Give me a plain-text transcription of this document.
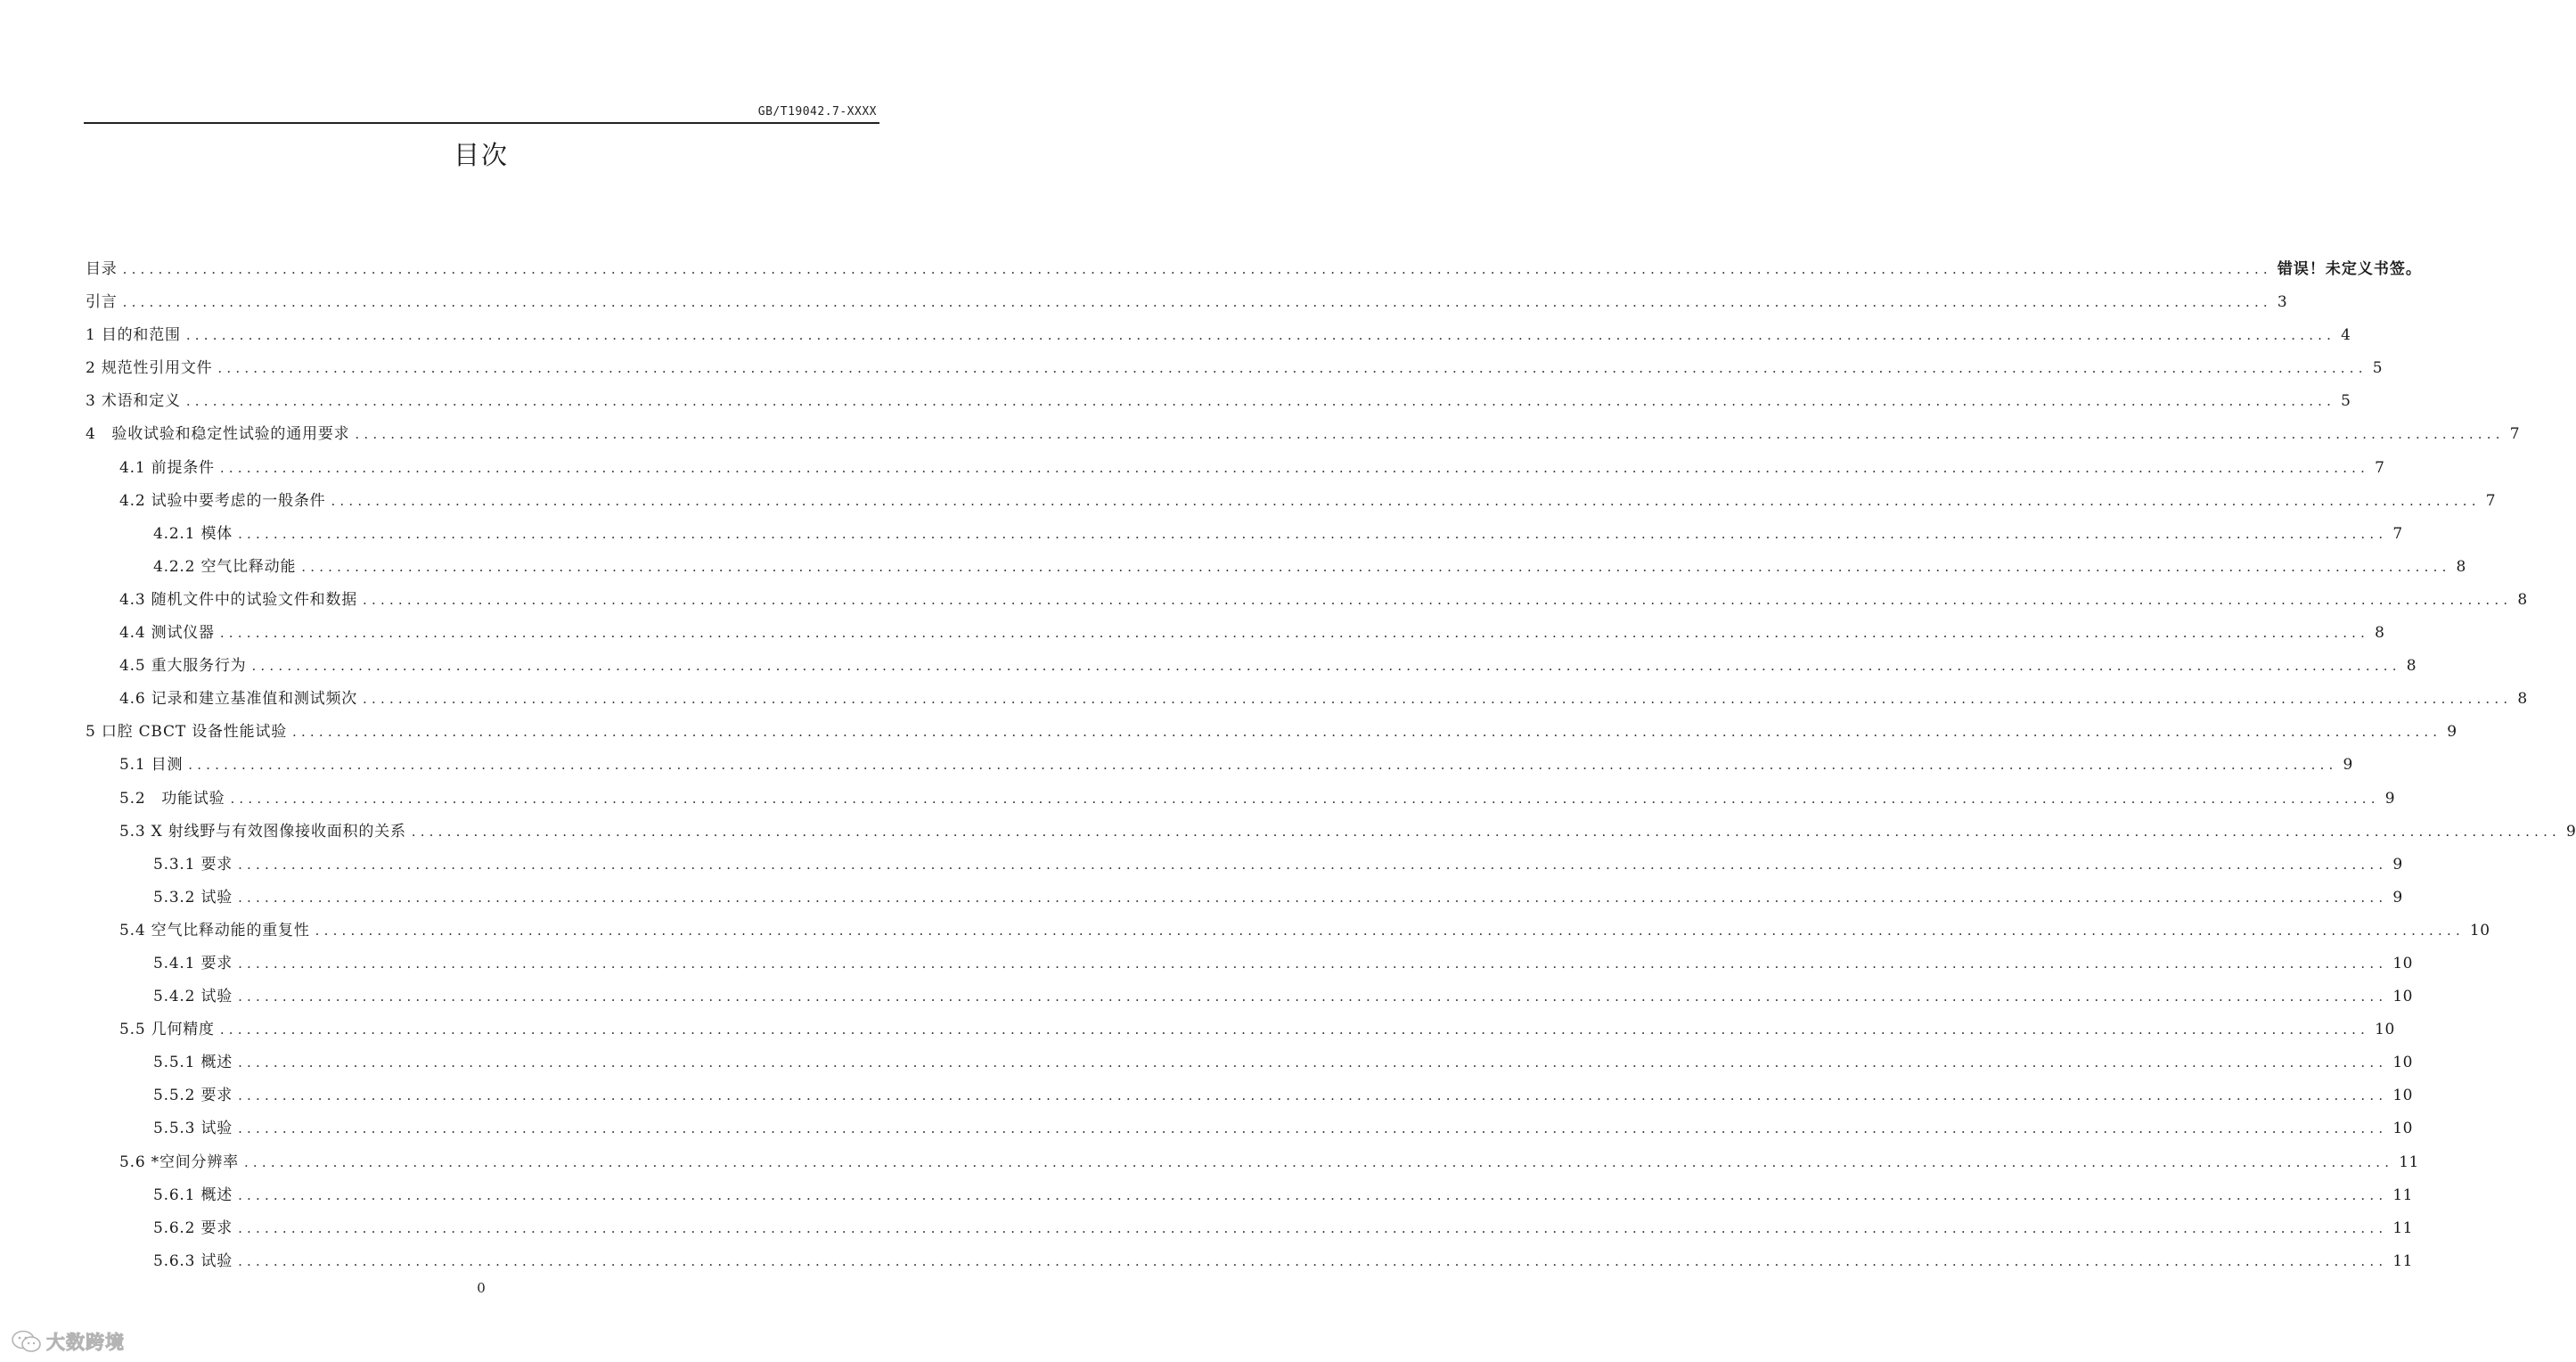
GB/T19042.7-XXXX
目次
目录 .................................................................................................................................................................................................................................................. 错误！未定义书签。
引言 .................................................................................................................................................................................................................................................. 3
1 目的和范围 .................................................................................................................................................................................................................................................. 4
2 规范性引用文件 .................................................................................................................................................................................................................................................. 5
3 术语和定义 .................................................................................................................................................................................................................................................. 5
4　验收试验和稳定性试验的通用要求 .................................................................................................................................................................................................................................................. 7
4.1 前提条件 .................................................................................................................................................................................................................................................. 7
4.2 试验中要考虑的一般条件 .................................................................................................................................................................................................................................................. 7
4.2.1 模体 .................................................................................................................................................................................................................................................. 7
4.2.2 空气比释动能 .................................................................................................................................................................................................................................................. 8
4.3 随机文件中的试验文件和数据 .................................................................................................................................................................................................................................................. 8
4.4 测试仪器 .................................................................................................................................................................................................................................................. 8
4.5 重大服务行为 .................................................................................................................................................................................................................................................. 8
4.6 记录和建立基准值和测试频次 .................................................................................................................................................................................................................................................. 8
5 口腔 CBCT 设备性能试验 .................................................................................................................................................................................................................................................. 9
5.1 目测 .................................................................................................................................................................................................................................................. 9
5.2　功能试验 .................................................................................................................................................................................................................................................. 9
5.3 X 射线野与有效图像接收面积的关系 .................................................................................................................................................................................................................................................. 9
5.3.1 要求 .................................................................................................................................................................................................................................................. 9
5.3.2 试验 .................................................................................................................................................................................................................................................. 9
5.4 空气比释动能的重复性 .................................................................................................................................................................................................................................................. 10
5.4.1 要求 .................................................................................................................................................................................................................................................. 10
5.4.2 试验 .................................................................................................................................................................................................................................................. 10
5.5 几何精度 .................................................................................................................................................................................................................................................. 10
5.5.1 概述 .................................................................................................................................................................................................................................................. 10
5.5.2 要求 .................................................................................................................................................................................................................................................. 10
5.5.3 试验 .................................................................................................................................................................................................................................................. 10
5.6 *空间分辨率 .................................................................................................................................................................................................................................................. 11
5.6.1 概述 .................................................................................................................................................................................................................................................. 11
5.6.2 要求 .................................................................................................................................................................................................................................................. 11
5.6.3 试验 .................................................................................................................................................................................................................................................. 11
0
大数跨境
